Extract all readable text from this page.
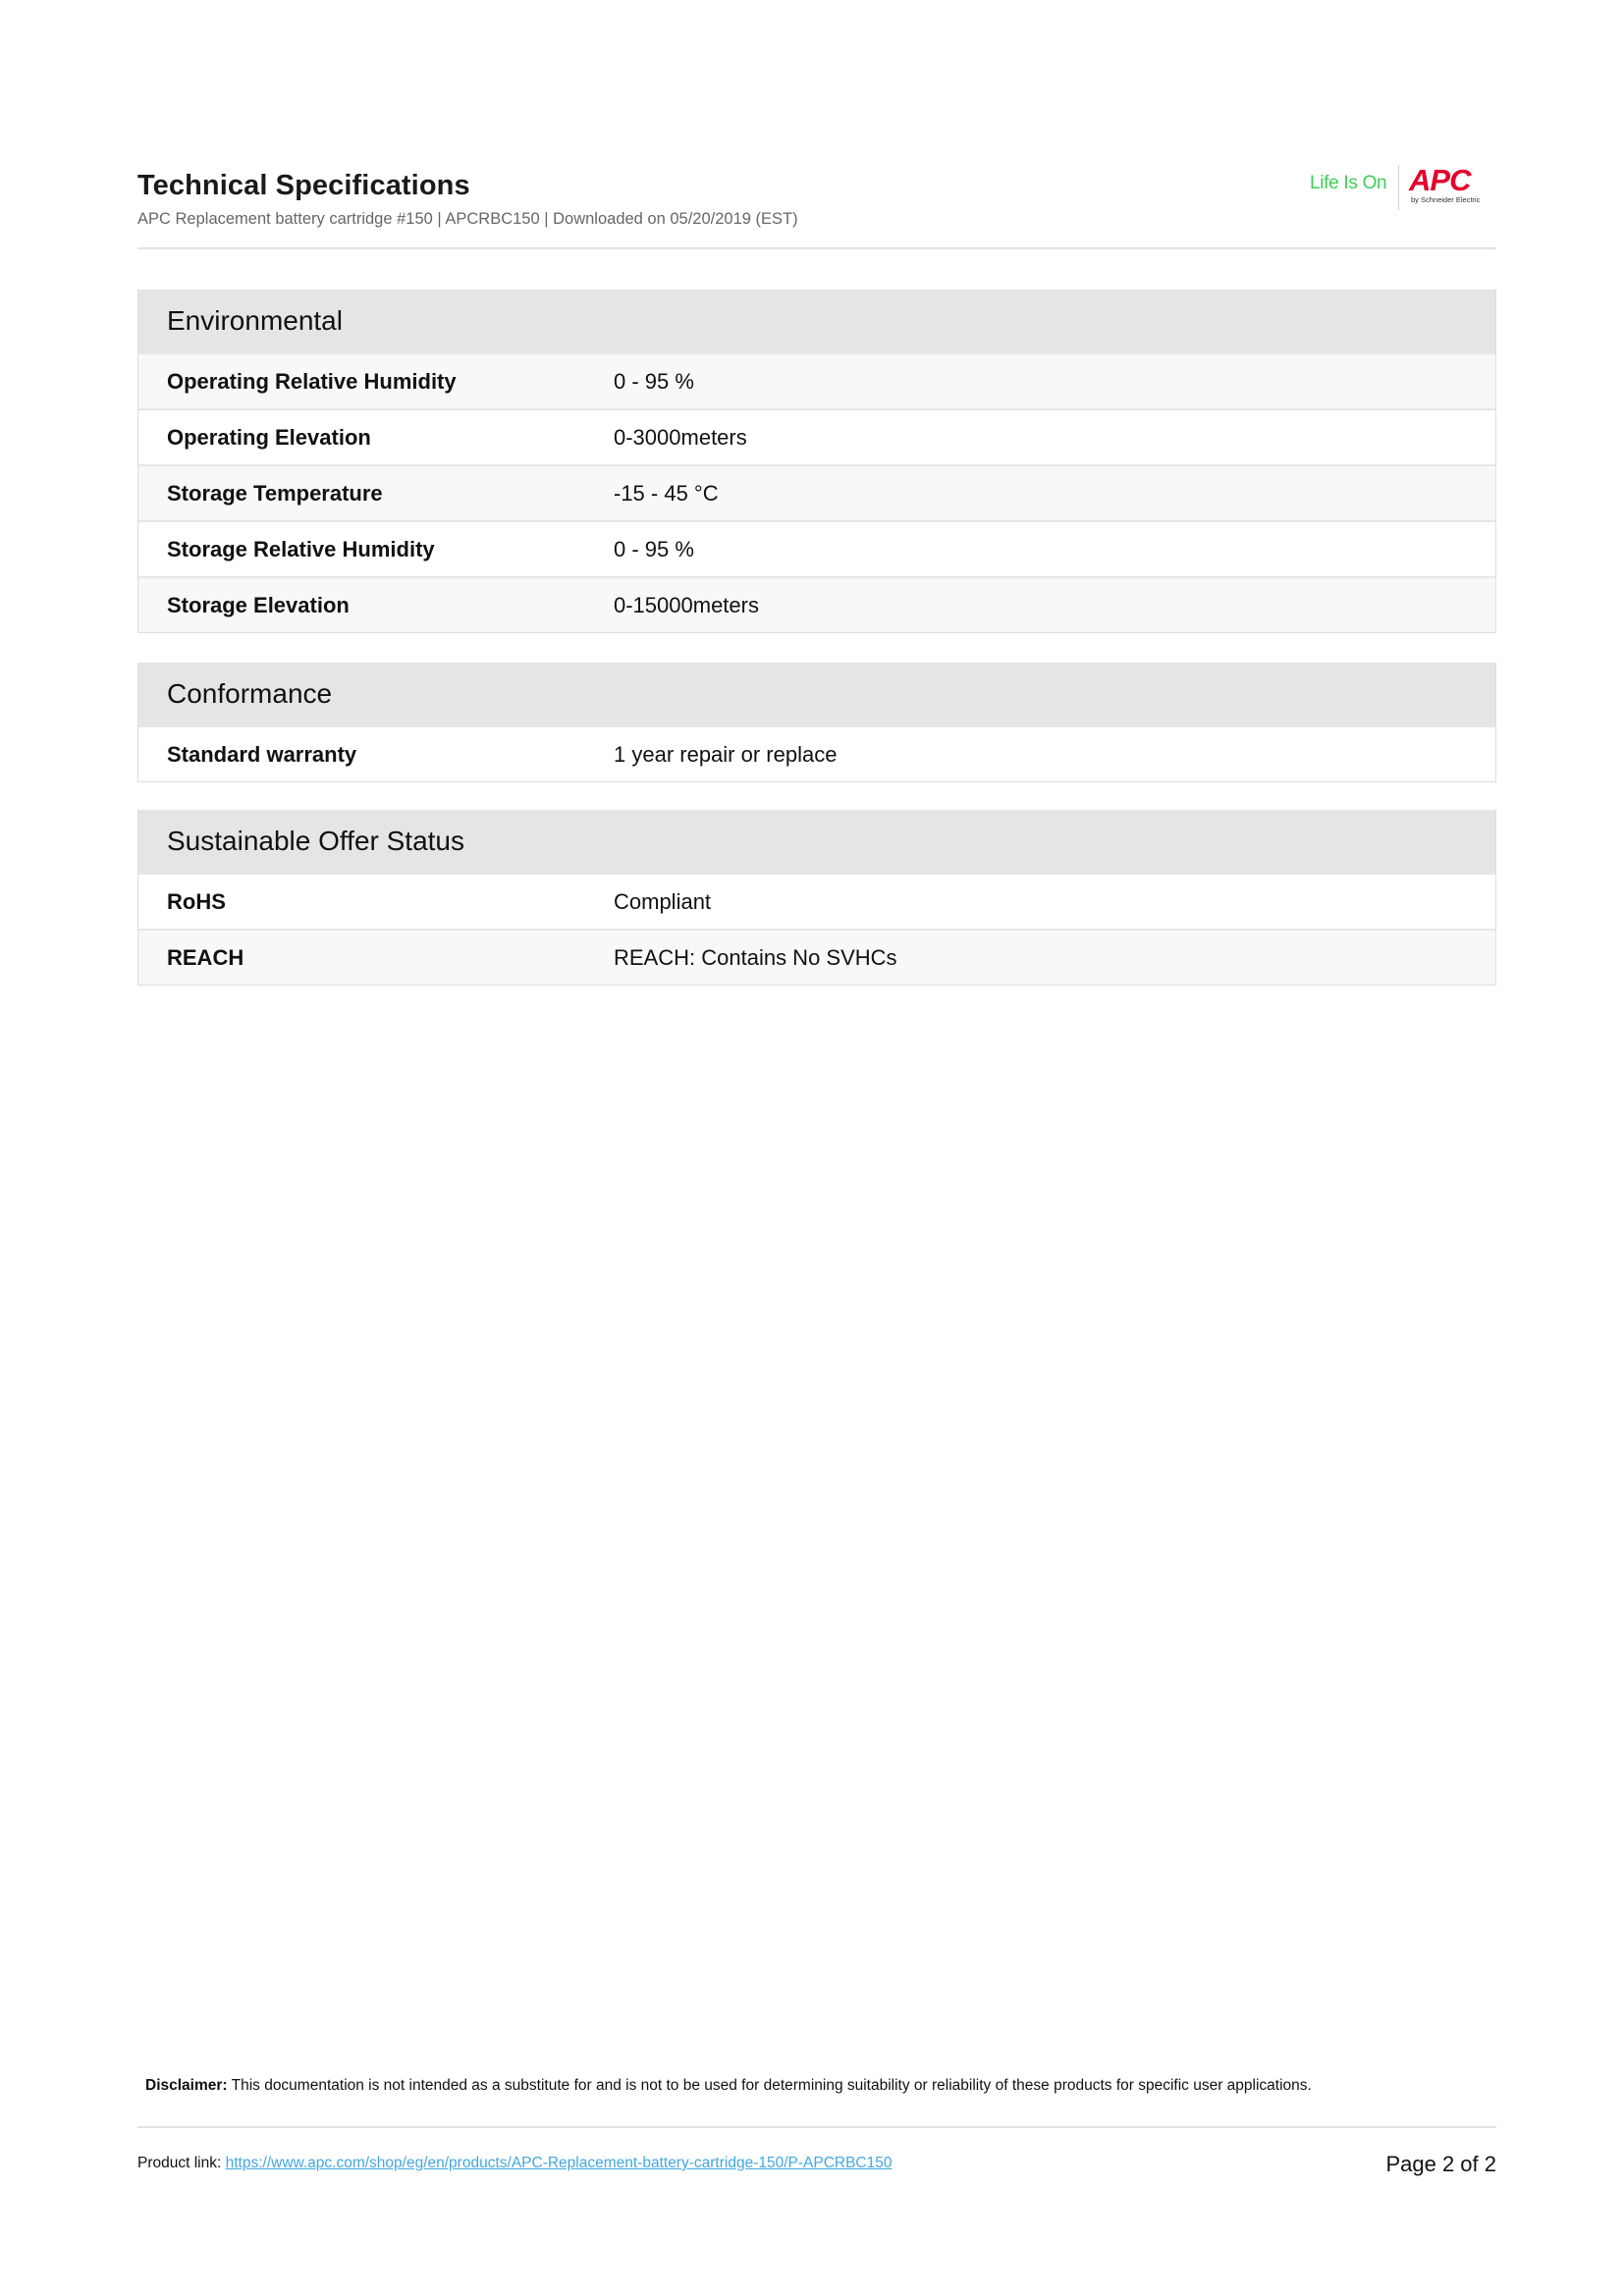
Technical Specifications
APC Replacement battery cartridge #150 | APCRBC150 | Downloaded on 05/20/2019 (EST)
Life Is On APC
by Schneider Electric
Environmental
Operating Relative Humidity	0 - 95 %
Operating Elevation	0-3000meters
Storage Temperature	-15 - 45 °C
Storage Relative Humidity	0 - 95 %
Storage Elevation	0-15000meters
Conformance
Standard warranty	1 year repair or replace
Sustainable Offer Status
RoHS	Compliant
REACH	REACH: Contains No SVHCs
Disclaimer: This documentation is not intended as a substitute for and is not to be used for determining suitability or reliability of these products for specific user applications.
Product link: https://www.apc.com/shop/eg/en/products/APC-Replacement-battery-cartridge-150/P-APCRBC150	Page 2 of 2
